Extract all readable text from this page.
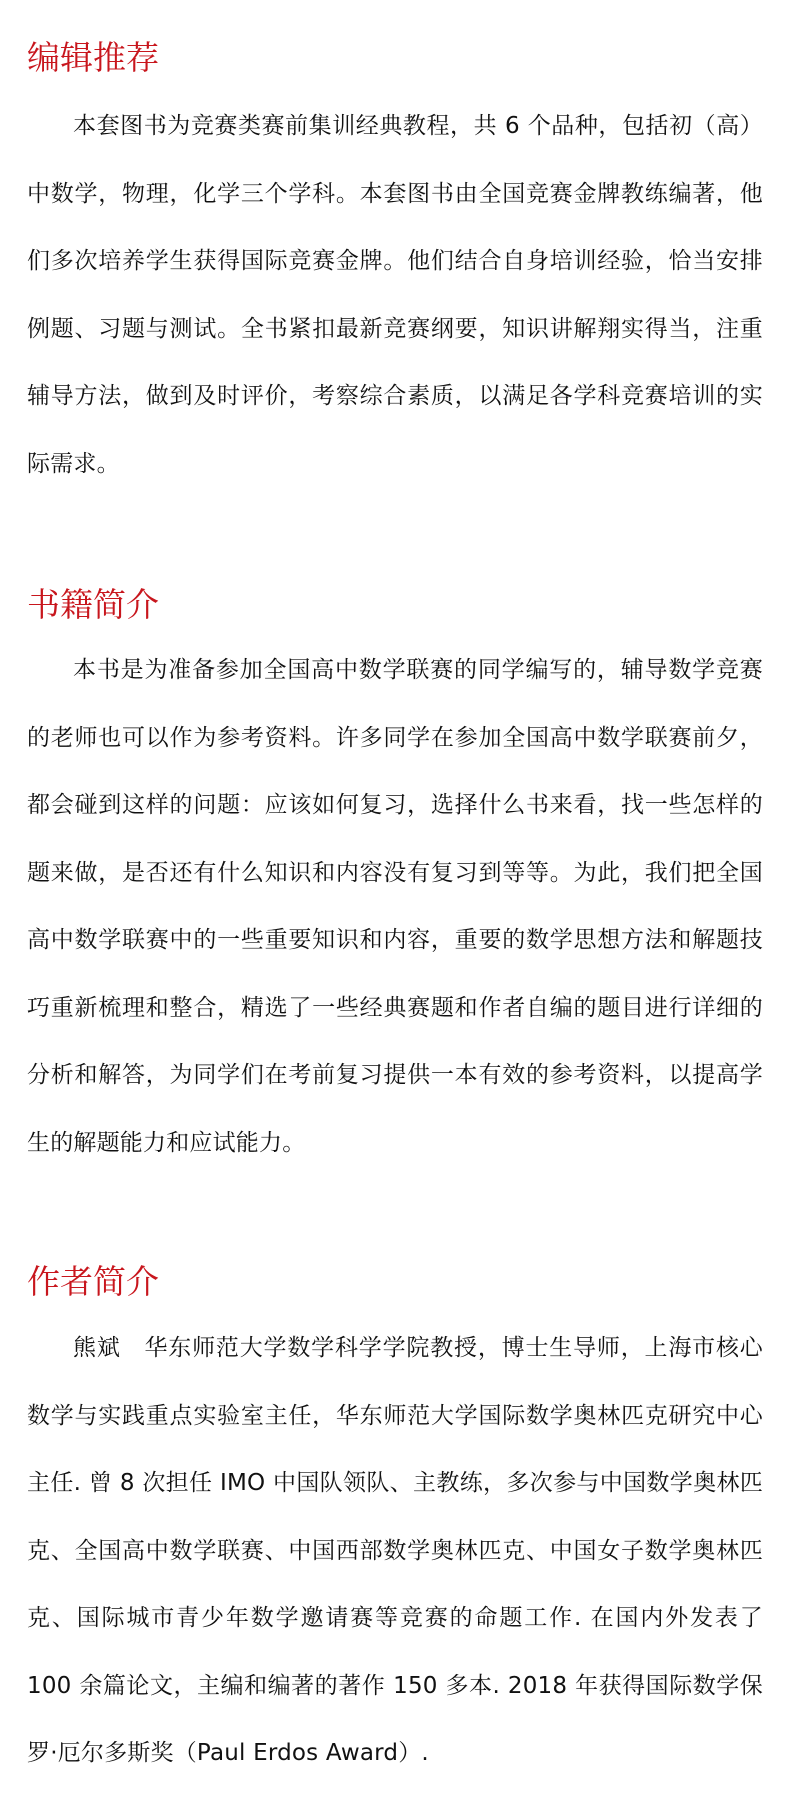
编辑推荐

本套图书为竞赛类赛前集训经典教程，共 6 个品种，包括初（高）中数学，物理，化学三个学科。本套图书由全国竞赛金牌教练编著，他们多次培养学生获得国际竞赛金牌。他们结合自身培训经验，恰当安排例题、习题与测试。全书紧扣最新竞赛纲要，知识讲解翔实得当，注重辅导方法，做到及时评价，考察综合素质，以满足各学科竞赛培训的实际需求。

书籍简介

本书是为准备参加全国高中数学联赛的同学编写的，辅导数学竞赛的老师也可以作为参考资料。许多同学在参加全国高中数学联赛前夕，都会碰到这样的问题：应该如何复习，选择什么书来看，找一些怎样的题来做，是否还有什么知识和内容没有复习到等等。为此，我们把全国高中数学联赛中的一些重要知识和内容，重要的数学思想方法和解题技巧重新梳理和整合，精选了一些经典赛题和作者自编的题目进行详细的分析和解答，为同学们在考前复习提供一本有效的参考资料，以提高学生的解题能力和应试能力。

作者简介

熊斌　华东师范大学数学科学学院教授，博士生导师，上海市核心数学与实践重点实验室主任，华东师范大学国际数学奥林匹克研究中心主任. 曾 8 次担任 IMO 中国队领队、主教练，多次参与中国数学奥林匹克、全国高中数学联赛、中国西部数学奥林匹克、中国女子数学奥林匹克、国际城市青少年数学邀请赛等竞赛的命题工作. 在国内外发表了 100 余篇论文，主编和编著的著作 150 多本. 2018 年获得国际数学保罗·厄尔多斯奖（Paul Erdos Award）.
